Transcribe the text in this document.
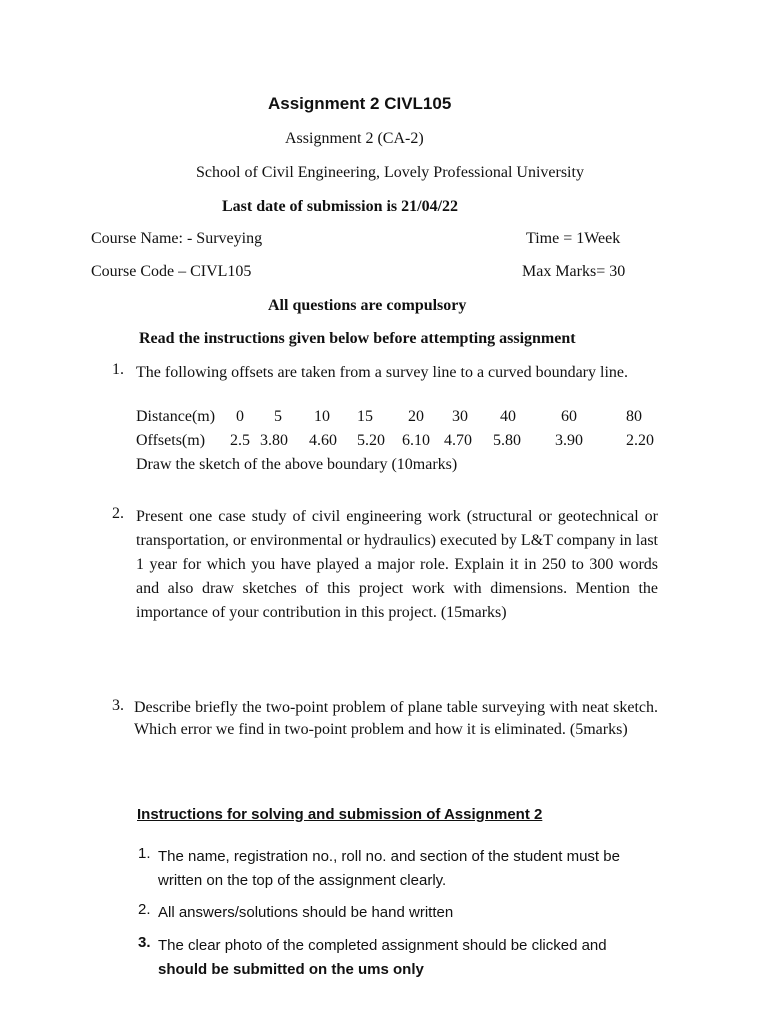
Assignment 2 CIVL105
Assignment 2 (CA-2)
School of Civil Engineering, Lovely Professional University
Last date of submission is 21/04/22
Course Name: - Surveying	Time = 1Week
Course Code – CIVL105	Max Marks= 30
All questions are compulsory
Read the instructions given below before attempting assignment
1. The following offsets are taken from a survey line to a curved boundary line.
Distance(m) 0 5 10 15 20 30 40	60	80
Offsets(m) 2.5 3.80 4.60 5.20 6.10 4.70 5.80 3.90	2.20
Draw the sketch of the above boundary (10marks)
2. Present one case study of civil engineering work (structural or geotechnical or transportation, or environmental or hydraulics) executed by L&T company in last 1 year for which you have played a major role. Explain it in 250 to 300 words and also draw sketches of this project work with dimensions. Mention the importance of your contribution in this project. (15marks)
3. Describe briefly the two-point problem of plane table surveying with neat sketch. Which error we find in two-point problem and how it is eliminated. (5marks)
Instructions for solving and submission of Assignment 2
1. The name, registration no., roll no. and section of the student must be written on the top of the assignment clearly.
2. All answers/solutions should be hand written
3. The clear photo of the completed assignment should be clicked and
should be submitted on the ums only
